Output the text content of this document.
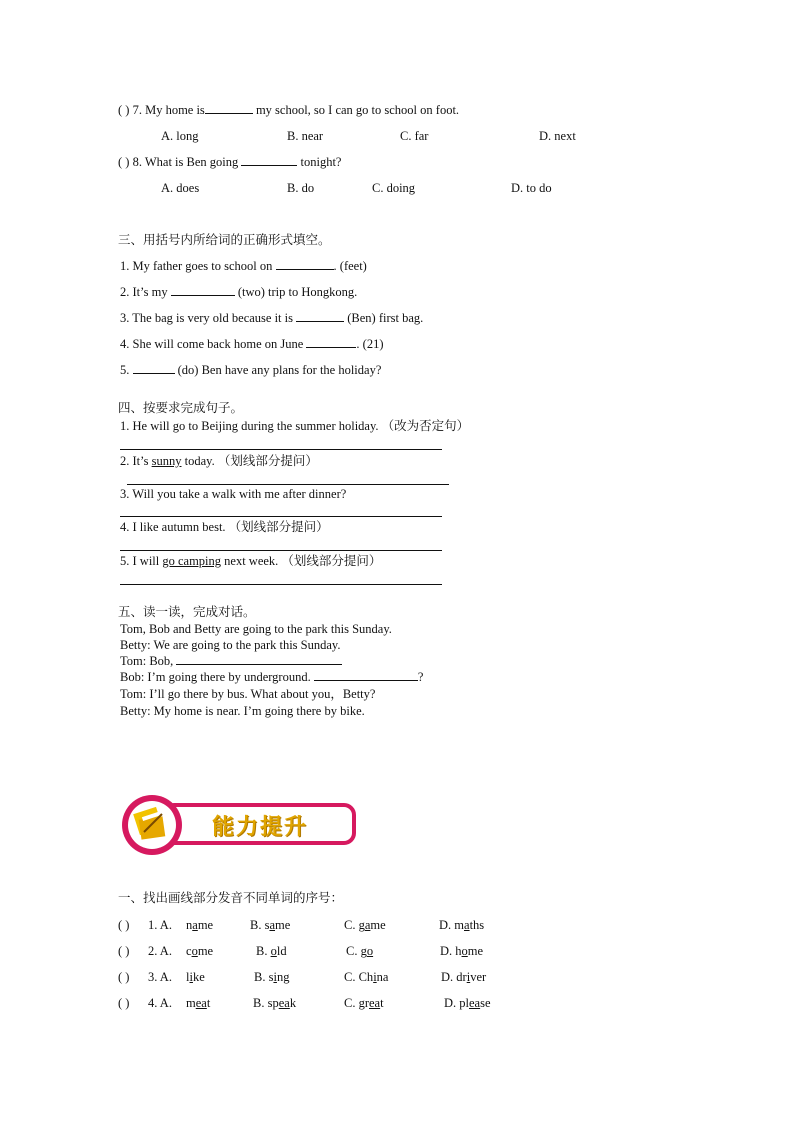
( ) 7. My home is	my school, so I can go to school on foot.
A. long	B. near	C. far	D. next
( ) 8. What is Ben going	tonight?
A. does	B. do	C. doing	D. to do
三、用括号内所给词的正确形式填空。
1. My father goes to school on	. (feet)
2. It’s my	(two) trip to Hongkong.
3. The bag is very old because it is	(Ben) first bag.
4. She will come back home on June	. (21)
5.	(do) Ben have any plans for the holiday?
四、按要求完成句子。
1. He will go to Beijing during the summer holiday. （改为否定句）
2. It’s sunny today. （划线部分提问）
3. Will you take a walk with me after dinner?
4. I like autumn best. （划线部分提问）
5. I will go camping next week. （划线部分提问）
五、读一读，完成对话。
Tom, Bob and Betty are going to the park this Sunday.
Betty: We are going to the park this Sunday.
Tom: Bob,
Bob: I’m going there by underground.	?
Tom: I’ll go there by bus. What about you，Betty?
Betty: My home is near. I’m going there by bike.
能力提升
一、找出画线部分发音不同单词的序号：
( ) 1. A. name	B. same	C. game	D. maths
( ) 2. A. come	B. old	C. go	D. home
( ) 3. A. like	B. sing	C. China	D. driver
( ) 4. A. meat	B. speak	C. great	D. please
